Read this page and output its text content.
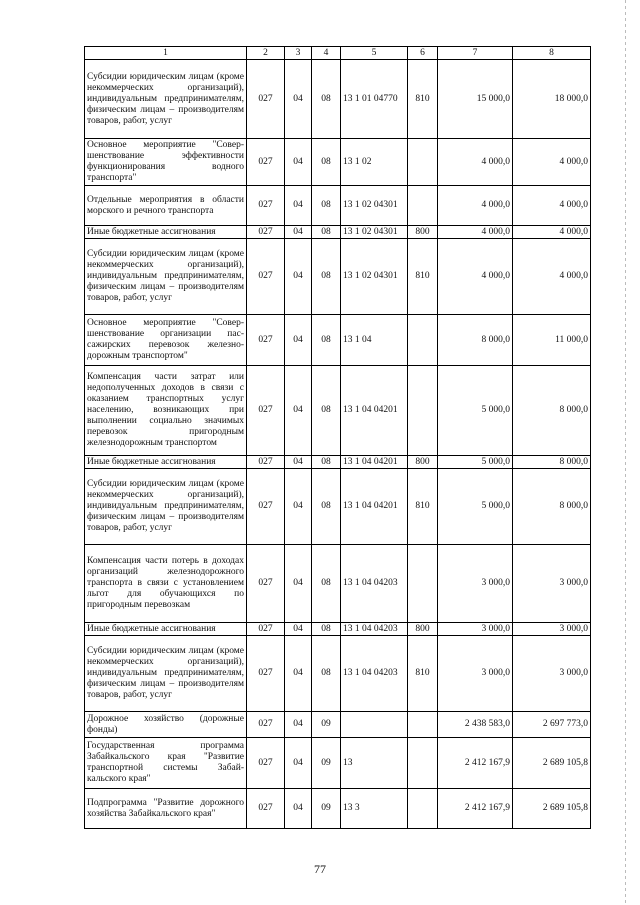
1	2	3	4	5	6	7	8
Субсидии юридическим лицам (кроме некоммерческих организаций), индивидуальным предпринимателям, физическим лицам – производителям товаров, работ, услуг	027	04	08	13 1 01 04770	810	15 000,0	18 000,0
Основное мероприятие "Совершенствование эффективности функционирования водного транспорта"	027	04	08	13 1 02		4 000,0	4 000,0
Отдельные мероприятия в области морского и речного транспорта	027	04	08	13 1 02 04301		4 000,0	4 000,0
Иные бюджетные ассигнования	027	04	08	13 1 02 04301	800	4 000,0	4 000,0
Субсидии юридическим лицам (кроме некоммерческих организаций), индивидуальным предпринимателям, физическим лицам – производителям товаров, работ, услуг	027	04	08	13 1 02 04301	810	4 000,0	4 000,0
Основное мероприятие "Совершенствование организации пассажирских перевозок железнодорожным транспортом"	027	04	08	13 1 04		8 000,0	11 000,0
Компенсация части затрат или недополученных доходов в связи с оказанием транспортных услуг населению, возникающих при выполнении социально значимых перевозок пригородным железнодорожным транспортом	027	04	08	13 1 04 04201		5 000,0	8 000,0
Иные бюджетные ассигнования	027	04	08	13 1 04 04201	800	5 000,0	8 000,0
Субсидии юридическим лицам (кроме некоммерческих организаций), индивидуальным предпринимателям, физическим лицам – производителям товаров, работ, услуг	027	04	08	13 1 04 04201	810	5 000,0	8 000,0
Компенсация части потерь в доходах организаций железнодорожного транспорта в связи с установлением льгот для обучающихся по пригородным перевозкам	027	04	08	13 1 04 04203		3 000,0	3 000,0
Иные бюджетные ассигнования	027	04	08	13 1 04 04203	800	3 000,0	3 000,0
Субсидии юридическим лицам (кроме некоммерческих организаций), индивидуальным предпринимателям, физическим лицам – производителям товаров, работ, услуг	027	04	08	13 1 04 04203	810	3 000,0	3 000,0
Дорожное хозяйство (дорожные фонды)	027	04	09			2 438 583,0	2 697 773,0
Государственная программа Забайкальского края "Развитие транспортной системы Забайкальского края"	027	04	09	13		2 412 167,9	2 689 105,8
Подпрограмма "Развитие дорожного хозяйства Забайкальского края"	027	04	09	13 3		2 412 167,9	2 689 105,8
77
